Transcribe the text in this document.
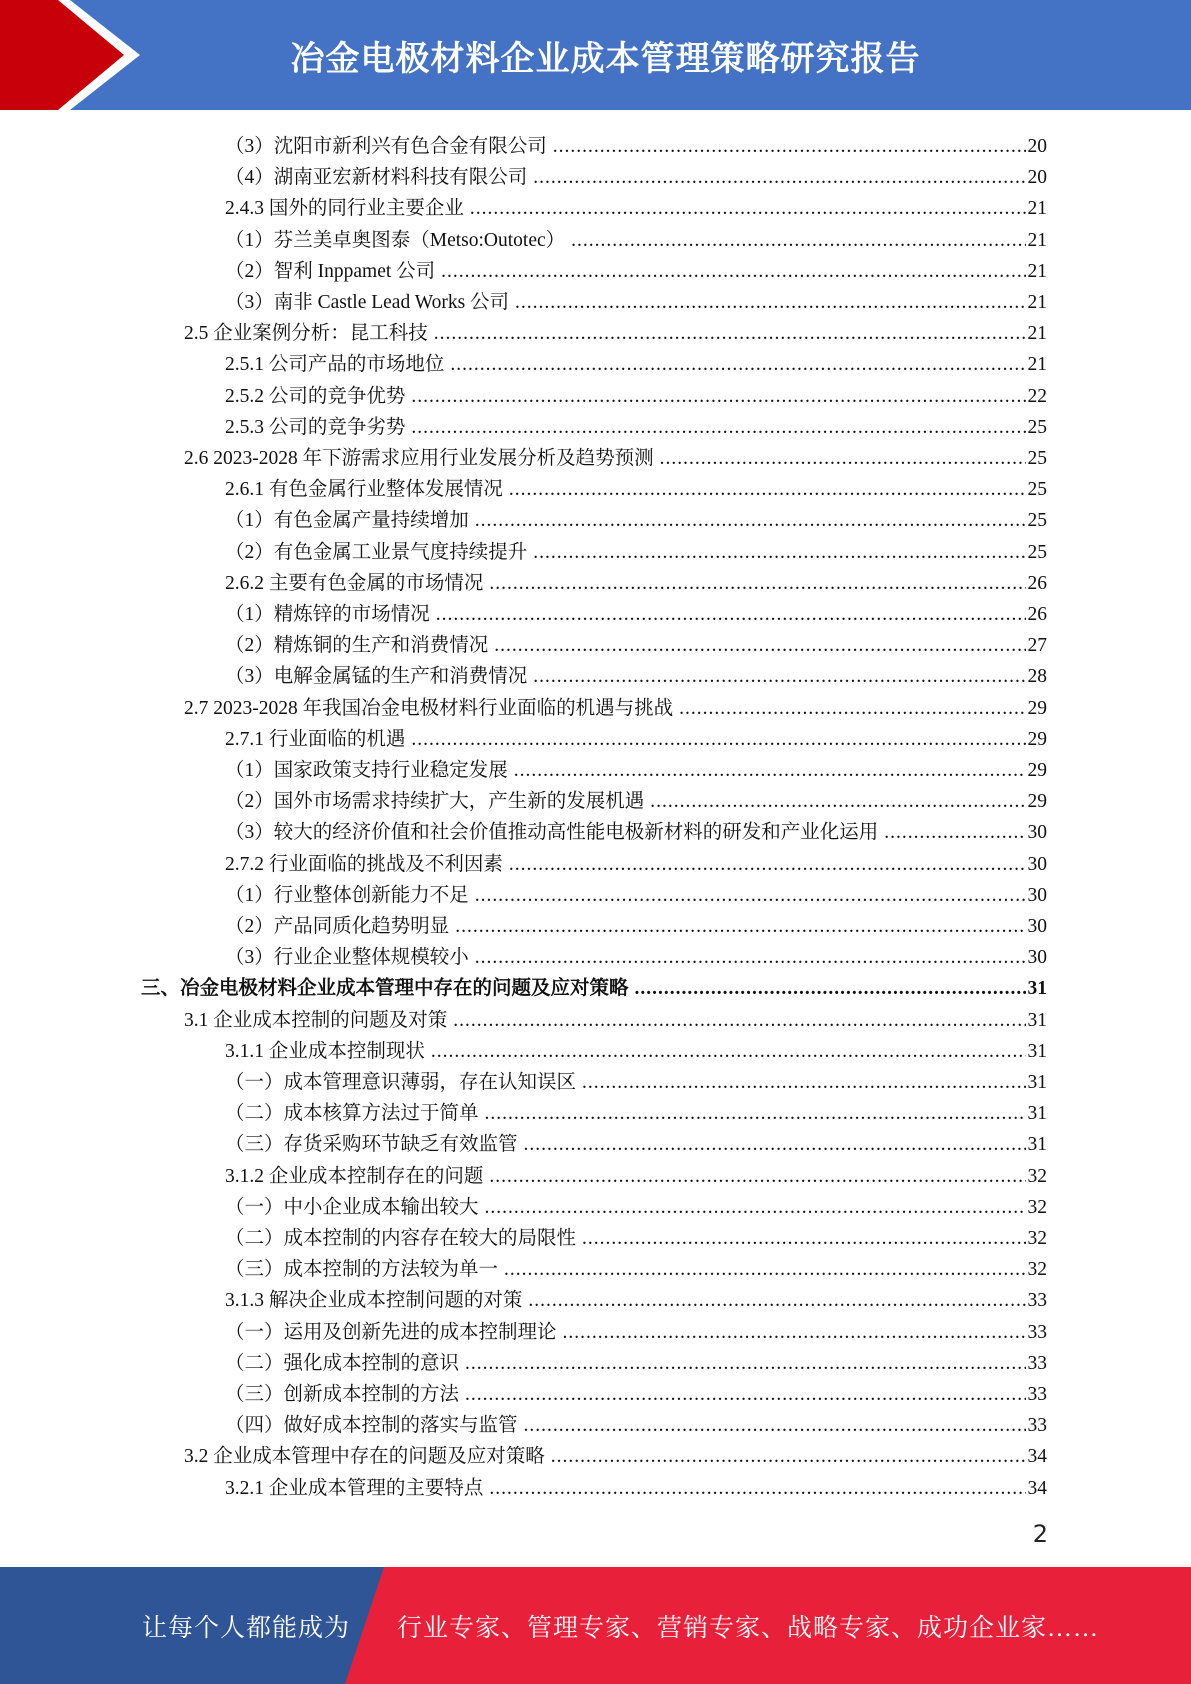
冶金电极材料企业成本管理策略研究报告
（3）沈阳市新利兴有色合金有限公司 .....	20
（4）湖南亚宏新材料科技有限公司 .....	20
2.4.3 国外的同行业主要企业 .....	21
（1）芬兰美卓奥图泰（Metso:Outotec） .....	21
（2）智利 Inppamet 公司 .....	21
（3）南非 Castle Lead Works 公司 .....	21
2.5 企业案例分析：昆工科技 .....	21
2.5.1 公司产品的市场地位 .....	21
2.5.2 公司的竞争优势 .....	22
2.5.3 公司的竞争劣势 .....	25
2.6 2023-2028 年下游需求应用行业发展分析及趋势预测 .....	25
2.6.1 有色金属行业整体发展情况 .....	25
（1）有色金属产量持续增加 .....	25
（2）有色金属工业景气度持续提升 .....	25
2.6.2 主要有色金属的市场情况 .....	26
（1）精炼锌的市场情况 .....	26
（2）精炼铜的生产和消费情况 .....	27
（3）电解金属锰的生产和消费情况 .....	28
2.7 2023-2028 年我国冶金电极材料行业面临的机遇与挑战 .....	29
2.7.1 行业面临的机遇 .....	29
（1）国家政策支持行业稳定发展 .....	29
（2）国外市场需求持续扩大，产生新的发展机遇 .....	29
（3）较大的经济价值和社会价值推动高性能电极新材料的研发和产业化运用 .....	30
2.7.2 行业面临的挑战及不利因素 .....	30
（1）行业整体创新能力不足 .....	30
（2）产品同质化趋势明显 .....	30
（3）行业企业整体规模较小 .....	30
三、冶金电极材料企业成本管理中存在的问题及应对策略 .....	31
3.1 企业成本控制的问题及对策 .....	31
3.1.1 企业成本控制现状 .....	31
（一）成本管理意识薄弱，存在认知误区 .....	31
（二）成本核算方法过于简单 .....	31
（三）存货采购环节缺乏有效监管 .....	31
3.1.2 企业成本控制存在的问题 .....	32
（一）中小企业成本输出较大 .....	32
（二）成本控制的内容存在较大的局限性 .....	32
（三）成本控制的方法较为单一 .....	32
3.1.3 解决企业成本控制问题的对策 .....	33
（一）运用及创新先进的成本控制理论 .....	33
（二）强化成本控制的意识 .....	33
（三）创新成本控制的方法 .....	33
（四）做好成本控制的落实与监管 .....	33
3.2 企业成本管理中存在的问题及应对策略 .....	34
3.2.1 企业成本管理的主要特点 .....	34
2
让每个人都能成为 行业专家、管理专家、营销专家、战略专家、成功企业家……
